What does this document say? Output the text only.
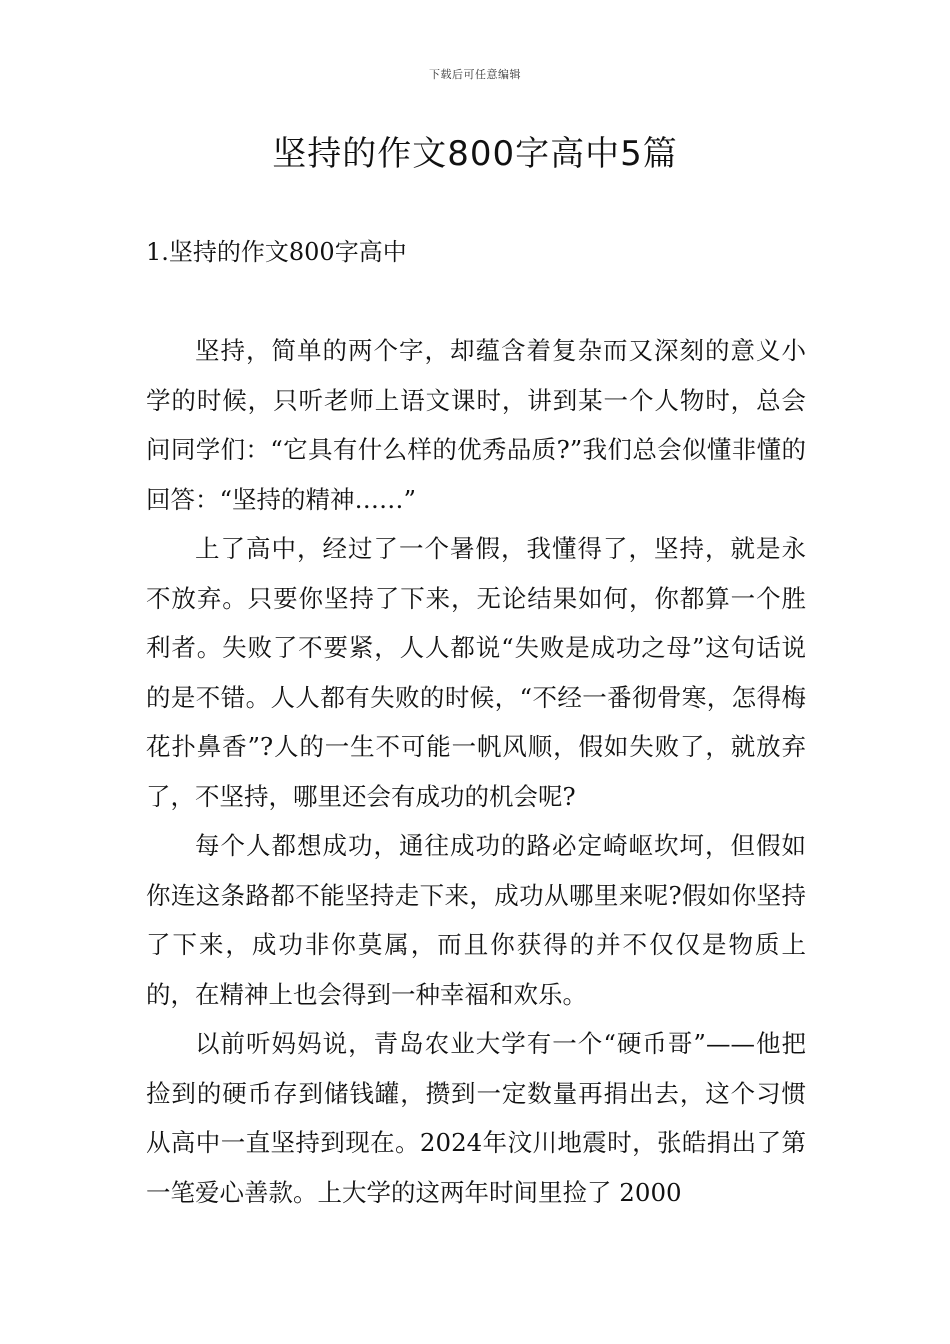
下载后可任意编辑
坚持的作文800字高中5篇
1.坚持的作文800字高中

坚持，简单的两个字，却蕴含着复杂而又深刻的意义小学的时候，只听老师上语文课时，讲到某一个人物时，总会问同学们：“它具有什么样的优秀品质?”我们总会似懂非懂的回答：“坚持的精神……”

上了高中，经过了一个暑假，我懂得了，坚持，就是永不放弃。只要你坚持了下来，无论结果如何，你都算一个胜利者。失败了不要紧，人人都说“失败是成功之母”这句话说的是不错。人人都有失败的时候，“不经一番彻骨寒，怎得梅花扑鼻香”?人的一生不可能一帆风顺，假如失败了，就放弃了，不坚持，哪里还会有成功的机会呢?

每个人都想成功，通往成功的路必定崎岖坎坷，但假如你连这条路都不能坚持走下来，成功从哪里来呢?假如你坚持了下来，成功非你莫属，而且你获得的并不仅仅是物质上的，在精神上也会得到一种幸福和欢乐。

以前听妈妈说，青岛农业大学有一个“硬币哥”——他把捡到的硬币存到储钱罐，攒到一定数量再捐出去，这个习惯从高中一直坚持到现在。2024年汶川地震时，张皓捐出了第一笔爱心善款。上大学的这两年时间里捡了 2000
